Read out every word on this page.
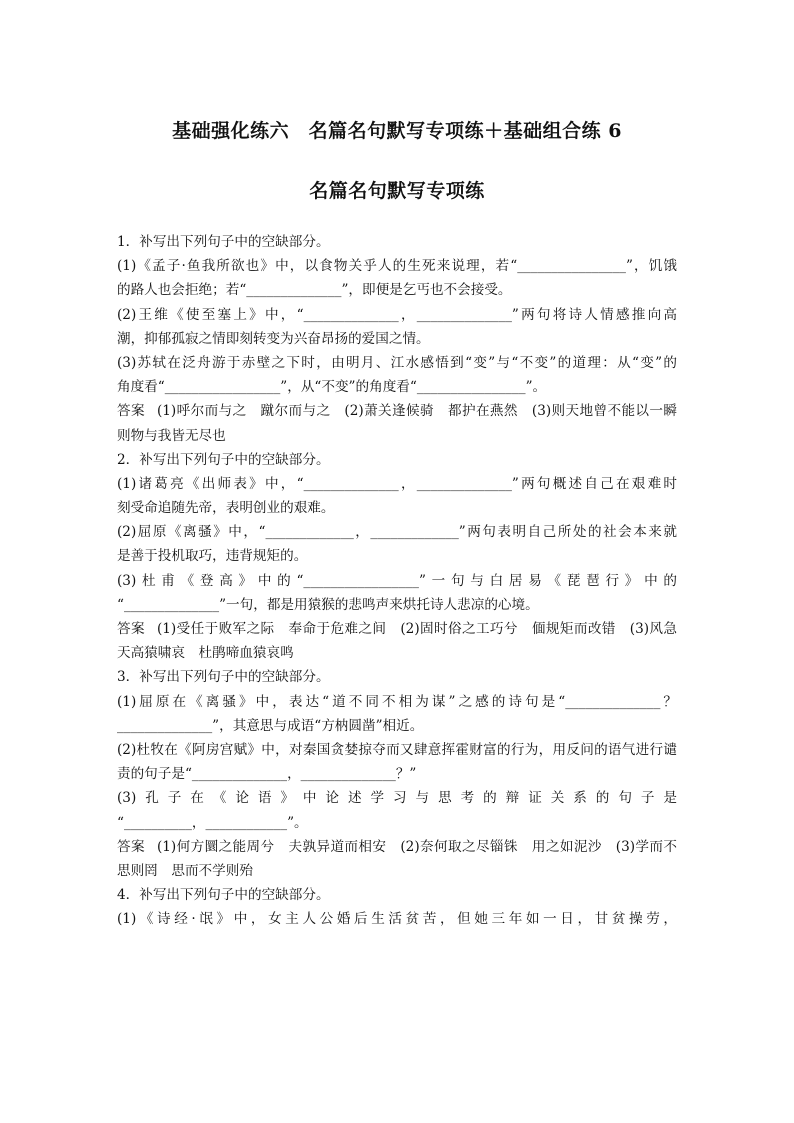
基础强化练六　名篇名句默写专项练＋基础组合练 6
名篇名句默写专项练
1．补写出下列句子中的空缺部分。
(1)《孟子·鱼我所欲也》中，以食物关乎人的生死来说理，若“________________”，饥饿
的路人也会拒绝；若“______________”，即便是乞丐也不会接受。
(2)王维《使至塞上》中，“______________，______________”两句将诗人情感推向高
潮，抑郁孤寂之情即刻转变为兴奋昂扬的爱国之情。
(3)苏轼在泛舟游于赤壁之下时，由明月、江水感悟到“变”与“不变”的道理：从“变”的
角度看“_________________”，从“不变”的角度看“________________”。
答案 (1)呼尔而与之　蹴尔而与之　(2)萧关逢候骑　都护在燕然　(3)则天地曾不能以一瞬
则物与我皆无尽也
2．补写出下列句子中的空缺部分。
(1)诸葛亮《出师表》中，“______________，______________”两句概述自己在艰难时
刻受命追随先帝，表明创业的艰难。
(2)屈原《离骚》中，“_____________，_____________”两句表明自己所处的社会本来就
是善于投机取巧，违背规矩的。
(3)杜甫《登高》中的“_________________”一句与白居易《琵琶行》中的
“______________”一句，都是用猿猴的悲鸣声来烘托诗人悲凉的心境。
答案 (1)受任于败军之际　奉命于危难之间　(2)固时俗之工巧兮　偭规矩而改错　(3)风急
天高猿啸哀　杜鹃啼血猿哀鸣
3．补写出下列句子中的空缺部分。
(1)屈原在《离骚》中，表达“道不同不相为谋”之感的诗句是“______________？
______________”，其意思与成语“方枘圆凿”相近。
(2)杜牧在《阿房宫赋》中，对秦国贪婪掠夺而又肆意挥霍财富的行为，用反问的语气进行谴
责的句子是“______________，______________？”
(3)孔子在《论语》中论述学习与思考的辩证关系的句子是
“__________，____________”。
答案 (1)何方圜之能周兮　夫孰异道而相安　(2)奈何取之尽锱铢　用之如泥沙　(3)学而不
思则罔　思而不学则殆
4．补写出下列句子中的空缺部分。
(1)《诗经·氓》中，女主人公婚后生活贫苦，但她三年如一日，甘贫操劳，
